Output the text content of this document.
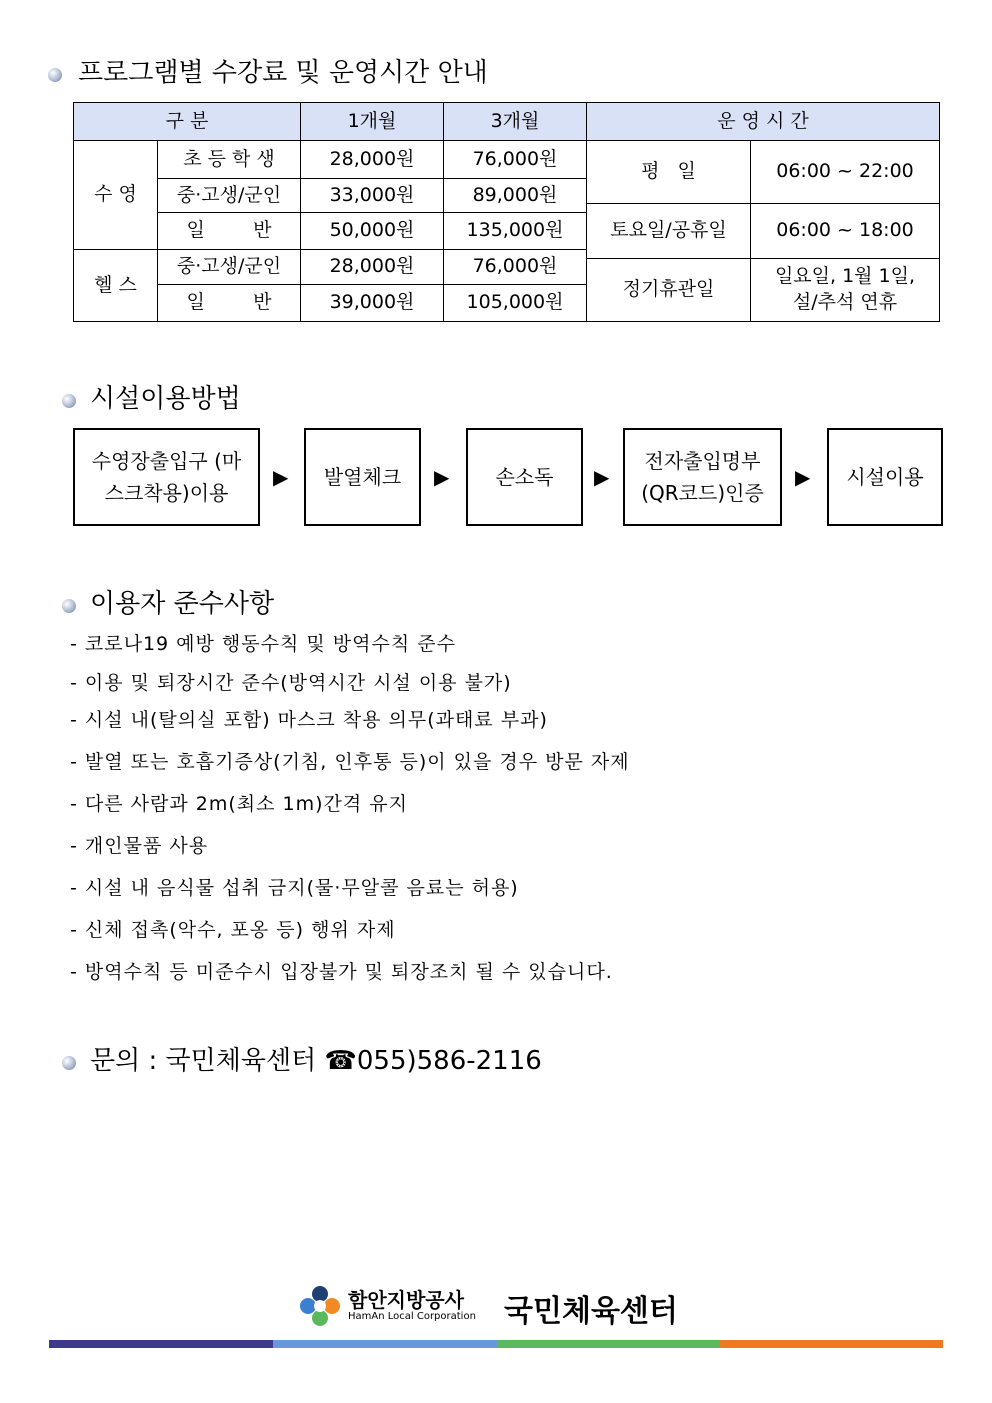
프로그램별 수강료 및 운영시간 안내
구 분	1개월	3개월	운 영 시 간
수 영
초 등 학 생	28,000원	76,000원
중·고생/군인	33,000원	89,000원
일        반	50,000원	135,000원
헬 스
중·고생/군인	28,000원	76,000원
일        반	39,000원	105,000원
평   일	06:00 ~ 22:00
토요일/공휴일	06:00 ~ 18:00
정기휴관일
일요일, 1월 1일, 설/추석 연휴
시설이용방법
수영장출입구 (마스크착용)이용
▶	발열체크	▶	손소독	▶
전자출입명부 (QR코드)인증
▶	시설이용
이용자 준수사항
- 코로나19 예방 행동수칙 및 방역수칙 준수
- 이용 및 퇴장시간 준수(방역시간 시설 이용 불가)
- 시설 내(탈의실 포함) 마스크 착용 의무(과태료 부과)
- 발열 또는 호흡기증상(기침, 인후통 등)이 있을 경우 방문 자제
- 다른 사람과 2m(최소 1m)간격 유지
- 개인물품 사용
- 시설 내 음식물 섭취 금지(물·무알콜 음료는 허용)
- 신체 접촉(악수, 포옹 등) 행위 자제
- 방역수칙 등 미준수시 입장불가 및 퇴장조치 될 수 있습니다.
문의 : 국민체육센터 ☎055)586-2116
함안지방공사
HamAn Local Corporation 국민체육센터
